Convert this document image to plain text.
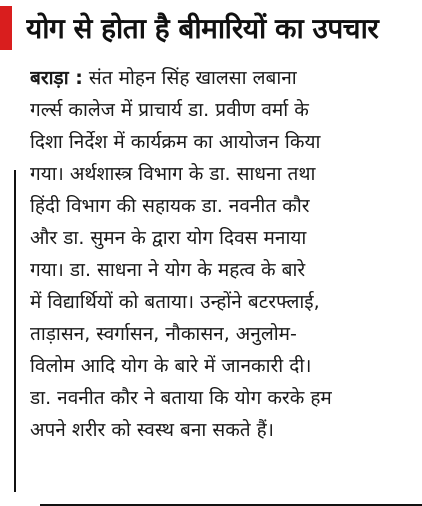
योग से होता है बीमारियों का उपचार
बराड़ा : संत मोहन सिंह खालसा लबाना
गर्ल्स कालेज में प्राचार्य डा. प्रवीण वर्मा के
दिशा निर्देश में कार्यक्रम का आयोजन किया
गया। अर्थशास्त्र विभाग के डा. साधना तथा
हिंदी विभाग की सहायक डा. नवनीत कौर
और डा. सुमन के द्वारा योग दिवस मनाया
गया। डा. साधना ने योग के महत्व के बारे
में विद्यार्थियों को बताया। उन्होंने बटरफ्लाई,
ताड़ासन, स्वर्गासन, नौकासन, अनुलोम-
विलोम आदि योग के बारे में जानकारी दी।
डा. नवनीत कौर ने बताया कि योग करके हम
अपने शरीर को स्वस्थ बना सकते हैं।
